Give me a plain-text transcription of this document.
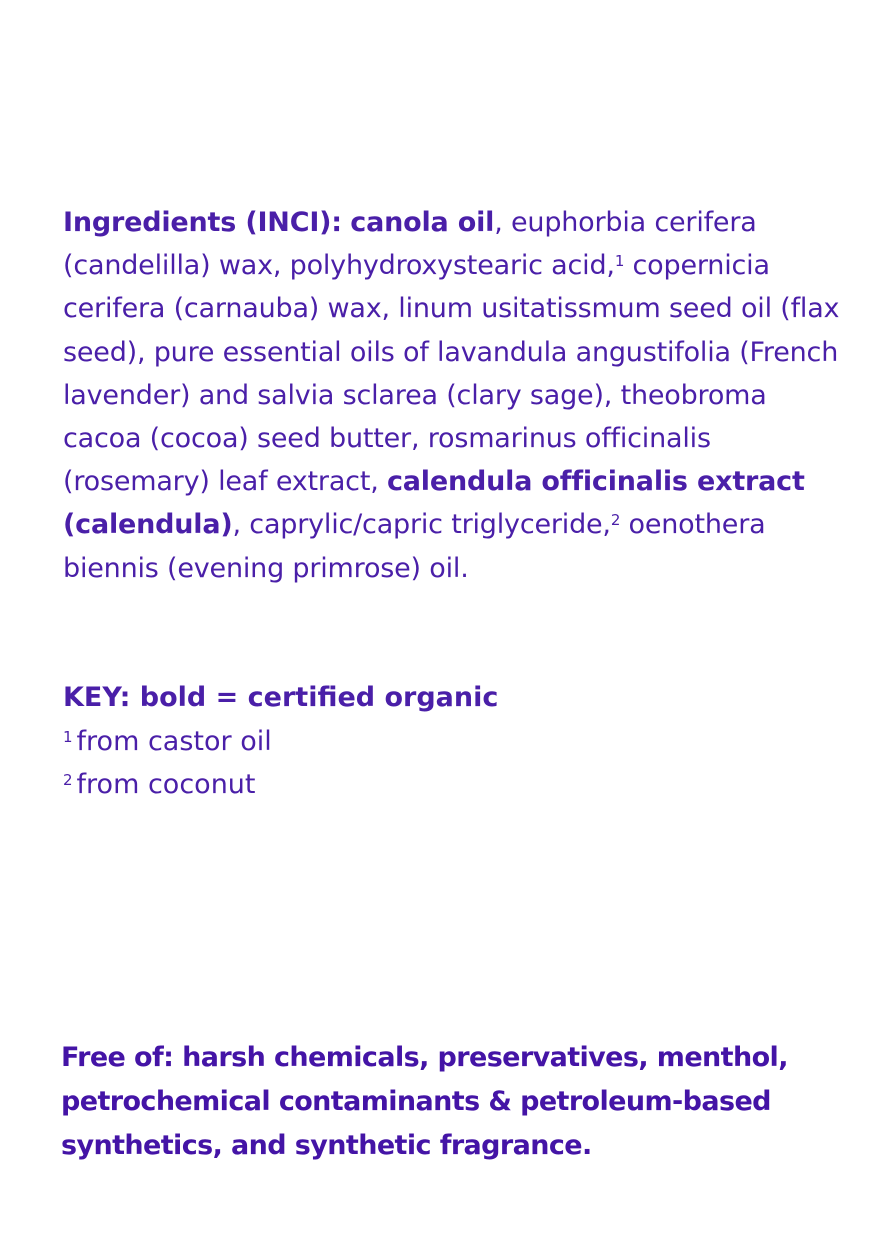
Ingredients (INCI): canola oil, euphorbia cerifera (candelilla) wax, polyhydroxystearic acid,$^1$ copernicia cerifera (carnauba) wax, linum usitatissmum seed oil (flax seed), pure essential oils of lavandula angustifolia (French lavender) and salvia sclarea (clary sage), theobroma cacoa (cocoa) seed butter, rosmarinus officinalis (rosemary) leaf extract, calendula officinalis extract (calendula), caprylic/capric triglyceride,$^2$ oenothera biennis (evening primrose) oil.

KEY: bold = certified organic
$^1$ from castor oil
$^2$ from coconut

Free of: harsh chemicals, preservatives, menthol, petrochemical contaminants & petroleum-based synthetics, and synthetic fragrance.
